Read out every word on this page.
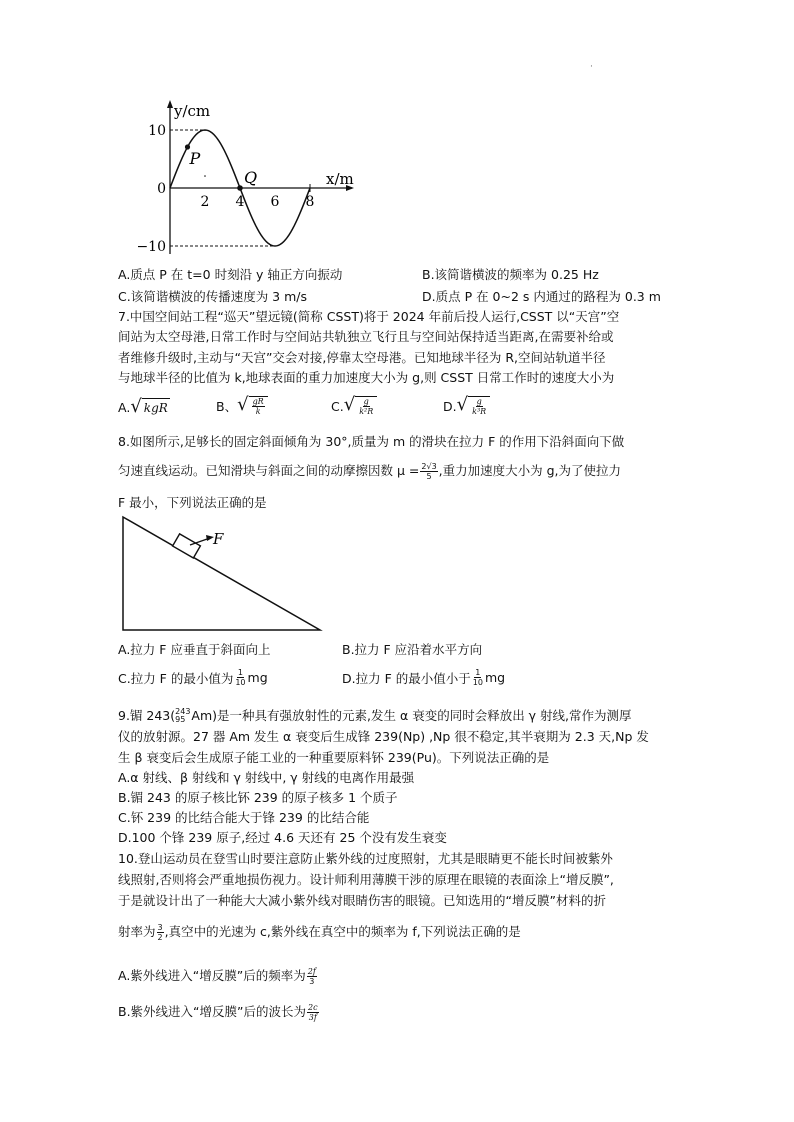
·
y/cm
x/m
10
0
−10
2 4 6 8
P
Q
A.质点 P 在 t=0 时刻沿 y 轴正方向振动	B.该简谐横波的频率为 0.25 Hz
C.该简谐横波的传播速度为 3 m/s	D.质点 P 在 0~2 s 内通过的路程为 0.3 m
7.中国空间站工程“巡天”望远镜(简称 CSST)将于 2024 年前后投人运行,CSST 以“天宫”空
间站为太空母港,日常工作时与空间站共轨独立飞行且与空间站保持适当距离,在需要补给或
者维修升级时,主动与“天宫”交会对接,停靠太空母港。已知地球半径为 R,空间站轨道半径
与地球半径的比值为 k,地球表面的重力加速度大小为 g,则 CSST 日常工作时的速度大小为
A. √ kgR	B、 √ $\frac{gR}{k}$	C. √ $\frac{g}{\text{k²R}}$	D. √ $\frac{g}{\text{k³R}}$
8.如图所示,足够长的固定斜面倾角为 30°,质量为 m 的滑块在拉力 F 的作用下沿斜面向下做
匀速直线运动。已知滑块与斜面之间的动摩擦因数 $\mu = \frac{2√3}{5}$ ,重力加速度大小为 g,为了使拉力
F 最小，下列说法正确的是
F
A.拉力 F 应垂直于斜面向上	B.拉力 F 应沿着水平方向
C.拉力 F 的最小值为 $\frac{1}{10}$ mg	D.拉力 F 的最小值小于 $\frac{1}{10}$ mg
9.镅 243( 243
95 Am )是一种具有强放射性的元素,发生 α 衰变的同时会释放出 γ 射线,常作为测厚
仪的放射源。27 器 Am 发生 α 衰变后生成锋 239(Np) ,Np 很不稳定,其半衰期为 2.3 天,Np 发
生 β 衰变后会生成原子能工业的一种重要原料钚 239(Pu)。下列说法正确的是
A.α 射线、β 射线和 γ 射线中, γ 射线的电离作用最强
B.镅 243 的原子核比钚 239 的原子核多 1 个质子
C.钚 239 的比结合能大于锋 239 的比结合能
D.100 个锋 239 原子,经过 4.6 天还有 25 个没有发生衰变
10.登山运动员在登雪山时要注意防止紫外线的过度照射，尤其是眼睛更不能长时间被紫外
线照射,否则将会严重地损伤视力。设计师利用薄膜干涉的原理在眼镜的表面涂上“增反膜”,
于是就设计出了一种能大大减小紫外线对眼睛伤害的眼镜。已知选用的“增反膜”材料的折
射率为 $\frac{3}{2}$ ,真空中的光速为 c,紫外线在真空中的频率为 f,下列说法正确的是
A.紫外线进入“增反膜”后的频率为 $\frac{2f}{3}$
B.紫外线进入“增反膜”后的波长为 $\frac{2c}{3f}$
